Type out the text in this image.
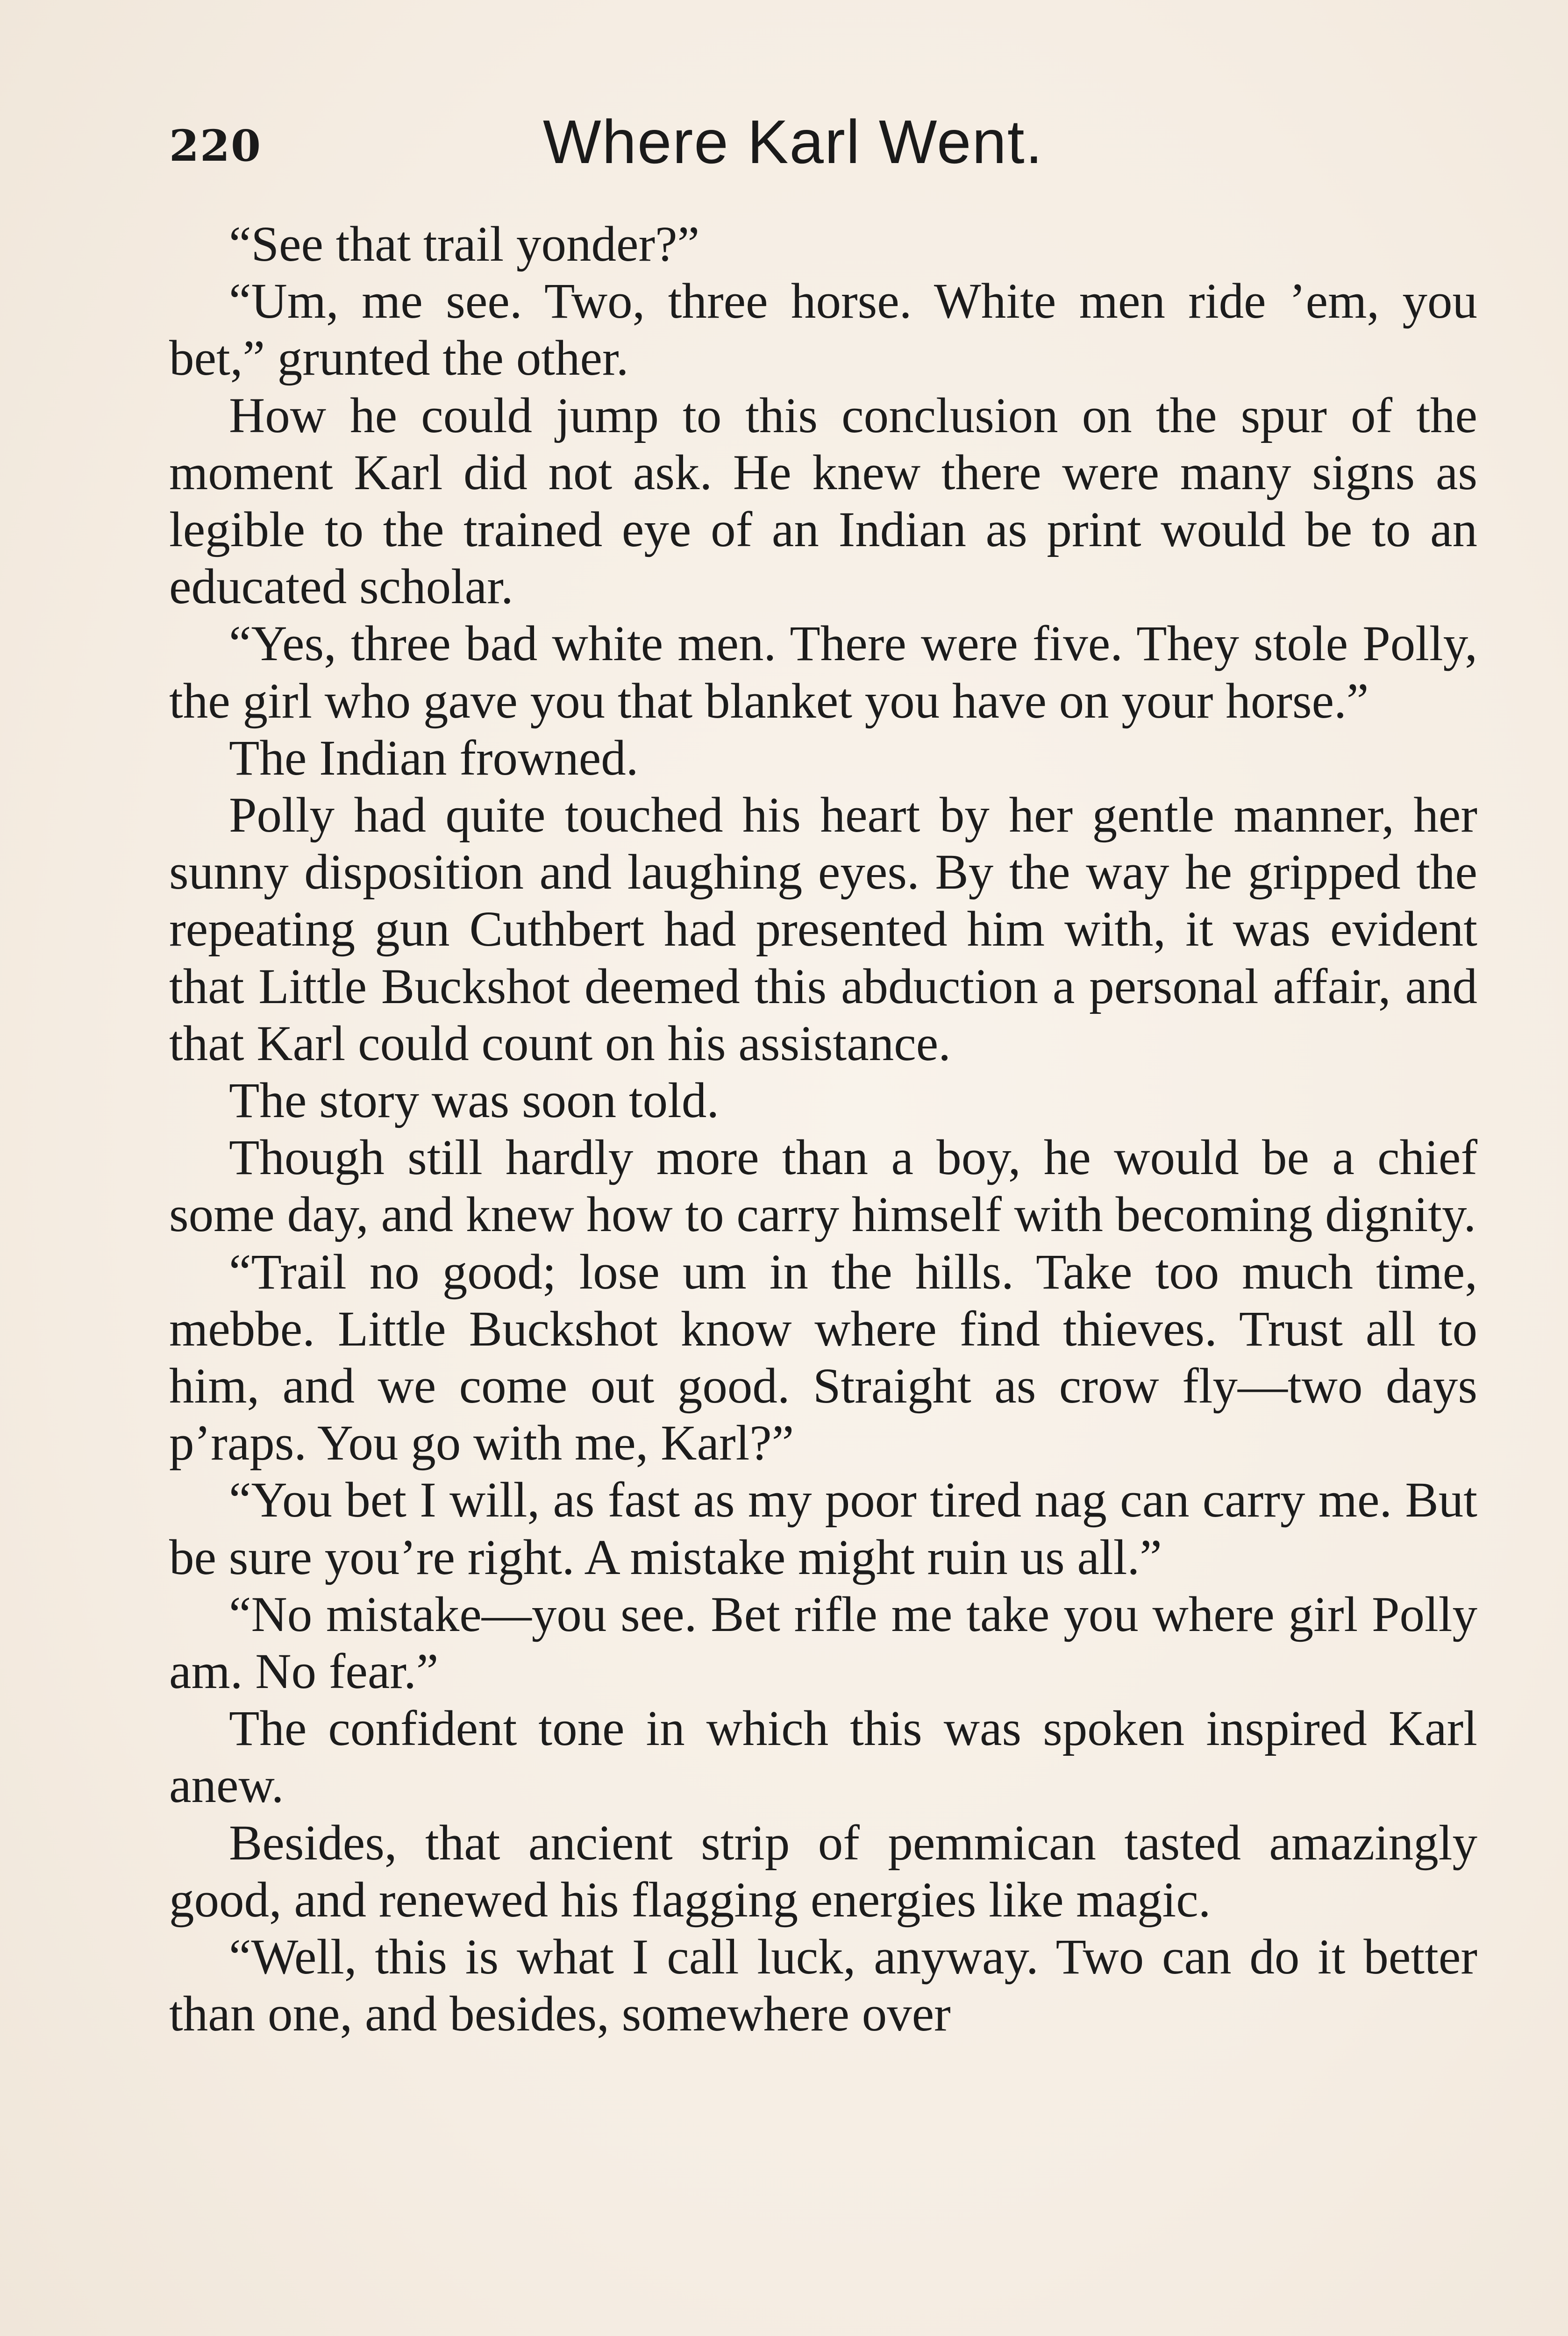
220	Where Karl Went.

“See that trail yonder?”

“Um, me see. Two, three horse. White men ride ’em, you bet,” grunted the other.

How he could jump to this conclusion on the spur of the moment Karl did not ask. He knew there were many signs as legible to the trained eye of an Indian as print would be to an educated scholar.

“Yes, three bad white men. There were five. They stole Polly, the girl who gave you that blanket you have on your horse.”

The Indian frowned.

Polly had quite touched his heart by her gentle manner, her sunny disposition and laughing eyes. By the way he gripped the repeating gun Cuthbert had presented him with, it was evident that Little Buckshot deemed this abduction a personal affair, and that Karl could count on his assistance.

The story was soon told.

Though still hardly more than a boy, he would be a chief some day, and knew how to carry himself with becoming dignity.

“Trail no good; lose um in the hills. Take too much time, mebbe. Little Buckshot know where find thieves. Trust all to him, and we come out good. Straight as crow fly—two days p’raps. You go with me, Karl?”

“You bet I will, as fast as my poor tired nag can carry me. But be sure you’re right. A mistake might ruin us all.”

“No mistake—you see. Bet rifle me take you where girl Polly am. No fear.”

The confident tone in which this was spoken inspired Karl anew.

Besides, that ancient strip of pemmican tasted amazingly good, and renewed his flagging energies like magic.

“Well, this is what I call luck, anyway. Two can do it better than one, and besides, somewhere over
